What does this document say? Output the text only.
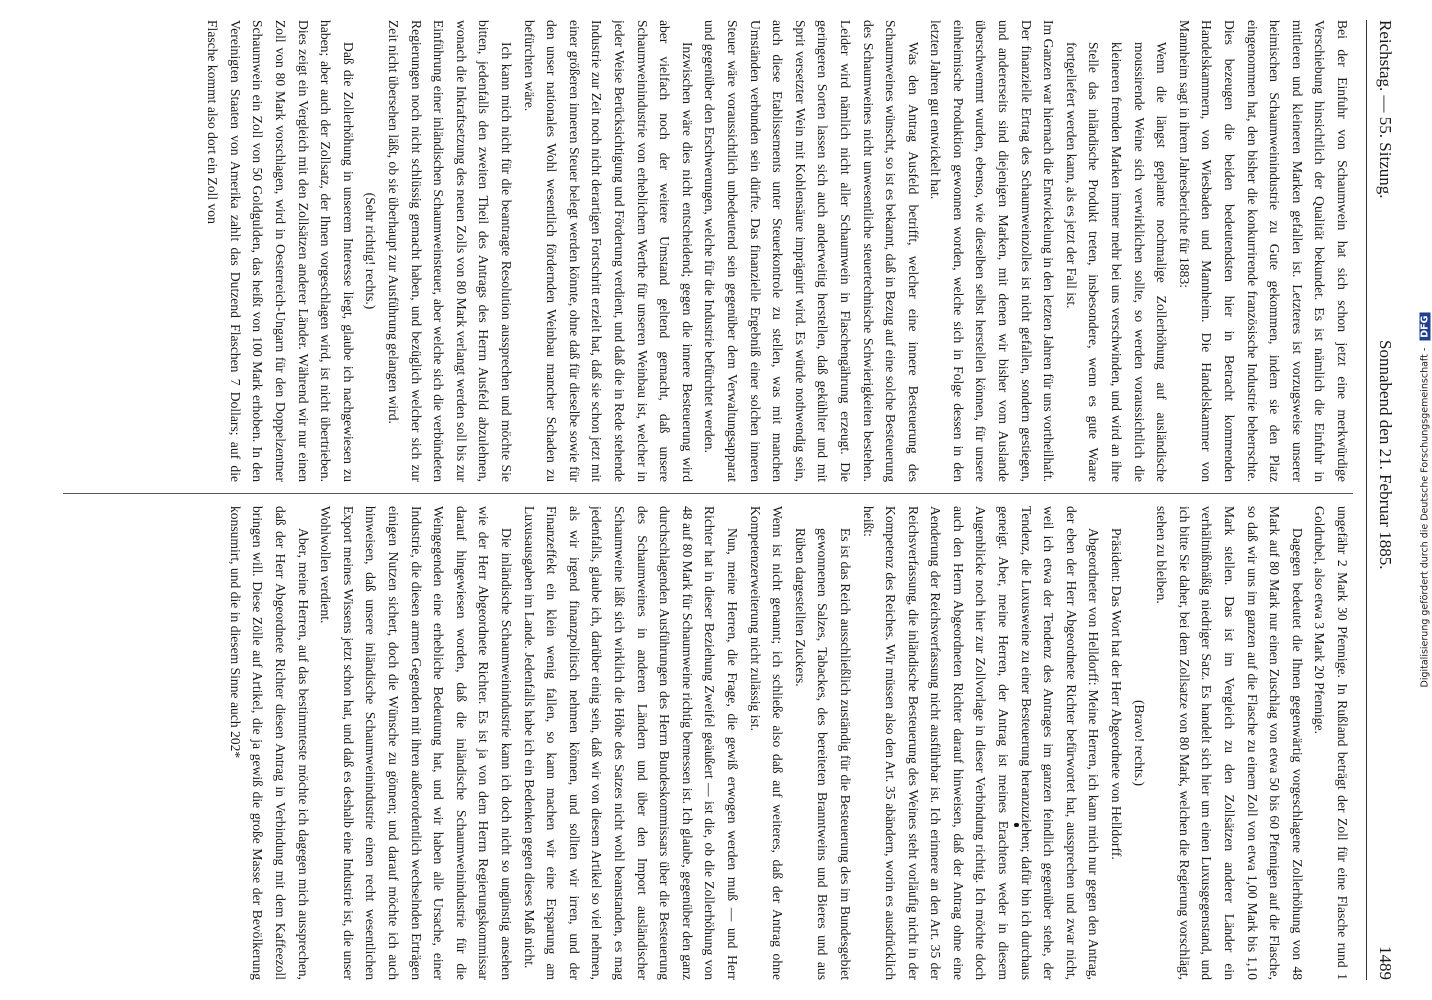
Reichstag. — 55. Sitzung.
Sonnabend den 21. Februar 1885.
1489

Bei der Einfuhr von Schaumwein hat sich schon jetzt eine merkwürdige Verschiebung hinsichtlich der Qualität bekundet. Es ist nämlich die Einfuhr in mittleren und kleineren Marken gefallen ist. Letzteres ist vorzugsweise unserer heimischen Schaumweinindustrie zu Gute gekommen, indem sie den Platz eingenommen hat, den bisher die konkurrirende französische Industrie beherrschte. Dies bezeugen die beiden bedeutendsten hier in Betracht kommenden Handelskammern, von Wiesbaden und Mannheim. Die Handelskammer von Mannheim sagt in ihrem Jahresberichte für 1883:

Wenn die längst geplante nochmalige Zollerhöhung auf ausländische moussirende Weine sich verwirklichen sollte, so werden voraussichtlich die kleineren fremden Marken immer mehr bei uns verschwinden, und wird an ihre Stelle das inländische Produkt treten, insbesondere, wenn es gute Waare fortgeliefert werden kann, als es jetzt der Fall ist.

Im Ganzen war hiernach die Entwickelung in den letzten Jahren für uns vortheilhaft. Der finanzielle Ertrag des Schaumweinzolles ist nicht gefallen, sondern gestiegen, und andererseits sind diejenigen Marken, mit denen wir bisher vom Auslande überschwemmt wurden, ebenso, wie dieselben selbst herstellen können, für unsere einheimische Produktion gewonnen worden, welche sich in Folge dessen in den letzten Jahren gut entwickelt hat.

Was den Antrag Ausfeld betrifft, welcher eine innere Besteuerung des Schaumweines wünscht, so ist es bekannt, daß in Bezug auf eine solche Besteuerung des Schaumweines nicht unwesentliche steuertechnische Schwierigkeiten bestehen. Leider wird nämlich nicht aller Schaumwein in Flaschengährung erzeugt. Die geringeren Sorten lassen sich auch anderweitig herstellen, daß gekühlter und mit Sprit versetzter Wein mit Kohlensäure imprägnirt wird. Es würde nothwendig sein, auch diese Etablissements unter Steuerkontrole zu stellen, was mit manchen Umständen verbunden sein dürfte. Das finanzielle Ergebniß einer solchen inneren Steuer wäre voraussichtlich unbedeutend sein gegenüber dem Verwaltungsapparat und gegenüber den Erschwerungen, welche für die Industrie befürchtet werden.

Inzwischen wäre dies nicht entscheidend; gegen die innere Besteuerung wird aber vielfach noch der weitere Umstand geltend gemacht, daß unsere Schaumweinindustrie von erheblichem Werthe für unseren Weinbau ist, welcher in jeder Weise Berücksichtigung und Förderung verdient, und daß die in Rede stehende Industrie zur Zeit noch nicht derartigen Fortschritt erzielt hat, daß sie schon jetzt mit einer größeren inneren Steuer belegt werden könnte, ohne daß für dieselbe sowie für den unser nationales Wohl wesentlich fördernden Weinbau mancher Schaden zu befürchten wäre.

Ich kann mich nicht für die beantragte Resolution aussprechen und möchte Sie bitten, jedenfalls den zweiten Theil des Antrags des Herrn Ausfeld abzulehnen, wonach die Inkraftsetzung des neuen Zolls von 80 Mark verlangt werden soll bis zur Einführung einer inländischen Schaumweinsteuer, aber welche sich die verbündeten Regierungen noch nicht schlüssig gemacht haben, und bezüglich welcher sich zur Zeit nicht übersehen läßt, ob sie überhaupt zur Ausführung gelangen wird.

(Sehr richtig! rechts.)

Daß die Zollerhöhung in unserem Interesse liegt, glaube ich nachgewiesen zu haben; aber auch der Zollsatz, der Ihnen vorgeschlagen wird, ist nicht übertrieben. Dies zeigt ein Vergleich mit den Zollsätzen anderer Länder. Während wir nur einen Zoll von 80 Mark vorschlagen, wird in Oesterreich-Ungarn für den Doppelzentner Schaumwein ein Zoll von 50 Goldgulden, das heißt von 100 Mark erhoben. In den Vereinigten Staaten von Amerika zahlt das Dutzend Flaschen 7 Dollars; auf die Flasche kommt also dort ein Zoll von

ungefähr 2 Mark 30 Pfennige. In Rußland beträgt der Zoll für eine Flasche rund 1 Goldrubel, also etwa 3 Mark 20 Pfennige.

Dagegen bedeutet die Ihnen gegenwärtig vorgeschlagene Zollerhöhung von 48 Mark auf 80 Mark nur einen Zuschlag von etwa 50 bis 60 Pfennigen auf die Flasche, so daß wir uns im ganzen auf die Flasche zu einem Zoll von etwa 1,00 Mark bis 1,10 Mark stellen. Das ist im Vergleich zu den Zollsätzen anderer Länder ein verhältnißmäßig niedriger Satz. Es handelt sich hier um einen Luxusgegenstand, und ich bitte Sie daher, bei dem Zollsatze von 80 Mark, welchen die Regierung vorschlägt, stehen zu bleiben.

(Bravo! rechts.)

Präsident: Das Wort hat der Herr Abgeordnete von Helldorff.

Abgeordneter von Helldorff: Meine Herren, ich kann mich nur gegen den Antrag, der eben der Herr Abgeordnete Richter befürwortet hat, aussprechen und zwar nicht, weil ich etwa der Tendenz des Antrages im ganzen feindlich gegenüber stehe, der Tendenz, die Luxusweine zu einer Besteuerung heranzuziehen; dafür bin ich durchaus geneigt. Aber, meine Herren, der Antrag ist meines Erachtens weder in diesem Augenblicke noch hier zur Zollvorlage in dieser Verbindung richtig. Ich möchte doch auch den Herrn Abgeordneten Richter darauf hinweisen, daß der Antrag ohne eine Aenderung der Reichsverfassung nicht ausführbar ist. Ich erinnere an den Art. 35 der Reichsverfassung, die inländische Besteuerung des Weines steht vorläufig nicht in der Kompetenz des Reiches. Wir müssen also den Art. 35 abändern, worin es ausdrücklich heißt:

Es ist das Reich ausschließlich zuständig für die Besteuerung des im Bundesgebiet gewonnenen Salzes, Tabackes, des bereiteten Branntweins und Bieres und aus Rüben dargestellten Zuckers.

Wenn ist nicht genannt; ich schließe also daß auf weiteres, daß der Antrag ohne Kompetenzerweiterung nicht zulässig ist.

Nun, meine Herren, die Frage, die gewiß erwogen werden muß — und Herr Richter hat in dieser Beziehung Zweifel geäußert — ist die, ob die Zollerhöhung von 48 auf 80 Mark für Schaumweine richtig bemessen ist. Ich glaube, gegenüber den ganz durchschlagenden Ausführungen des Herrn Bundeskommissars über die Besteuerung des Schaumweines in anderen Ländern und über den Import ausländischer Schaumweine läßt sich wirklich die Höhe des Satzes nicht wohl beanstanden, es mag jedenfalls, glaube ich, darüber einig sein, daß wir von diesem Artikel so viel nehmen, als wir irgend finanzpolitisch nehmen können, und sollten wir irren, und der Finanzeffekt ein klein wenig fallen, so kann machen wir eine Ersparung am Luxusausgaben im Lande. Jedenfalls habe ich ein Bedenken gegen dieses Maß nicht.

Die inländische Schaumweinindustrie kann ich doch nicht so ungünstig ansehen wie der Herr Abgeordnete Richter. Es ist ja von dem Herrn Regierungskommissar darauf hingewiesen worden, daß die inländische Schaumweinindustrie für die Weingegenden eine erhebliche Bedeutung hat, und wir haben alle Ursache, einer Industrie, die diesen armen Gegenden mit ihren außerordentlich wechselnden Erträgen einigen Nutzen sichert, doch die Wünsche zu gönnen; und darauf möchte ich auch hinweisen, daß unsere inländische Schaumweinindustrie einen recht wesentlichen Export meines Wissens jetzt schon hat, und daß es deshalb eine Industrie ist, die unser Wohlwollen verdient.

Aber, meine Herren, auf das bestimmteste möchte ich dagegen mich aussprechen, daß der Herr Abgeordnete Richter diesen Antrag in Verbindung mit dem Kaffeezoll bringen will. Diese Zölle auf Artikel, die ja gewiß die große Masse der Bevölkerung konsumirt, und die in diesem Sinne auch 202*	Digitalisierung gefördert durch die Deutsche Forschungsgemeinschaft - DFG
